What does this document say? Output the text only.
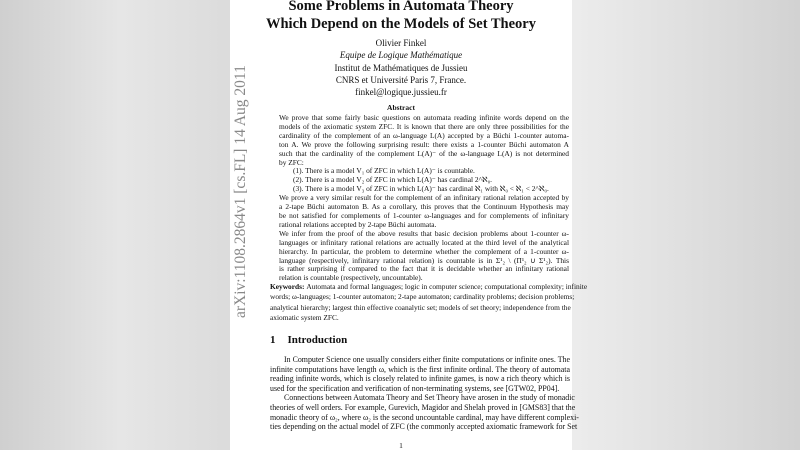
Some Problems in Automata Theory
Which Depend on the Models of Set Theory
Olivier Finkel
Equipe de Logique Mathématique
Institut de Mathématiques de Jussieu
CNRS et Université Paris 7, France.
finkel@logique.jussieu.fr
Abstract
We prove that some fairly basic questions on automata reading infinite words depend on the
models of the axiomatic system ZFC. It is known that there are only three possibilities for the
cardinality of the complement of an ω-language L(A) accepted by a Büchi 1-counter automa-
ton A. We prove the following surprising result: there exists a 1-counter Büchi automaton A
such that the cardinality of the complement L(A)⁻ of the ω-language L(A) is not determined
by ZFC:
(1). There is a model V₁ of ZFC in which L(A)⁻ is countable.
(2). There is a model V₂ of ZFC in which L(A)⁻ has cardinal 2^ℵ₀.
(3). There is a model V₃ of ZFC in which L(A)⁻ has cardinal ℵ₁ with ℵ₀ < ℵ₁ < 2^ℵ₀.
We prove a very similar result for the complement of an infinitary rational relation accepted by
a 2-tape Büchi automaton B. As a corollary, this proves that the Continuum Hypothesis may
be not satisfied for complements of 1-counter ω-languages and for complements of infinitary
rational relations accepted by 2-tape Büchi automata.
We infer from the proof of the above results that basic decision problems about 1-counter ω-
languages or infinitary rational relations are actually located at the third level of the analytical
hierarchy. In particular, the problem to determine whether the complement of a 1-counter ω-
language (respectively, infinitary rational relation) is countable is in Σ¹₂ \ (Π¹₂ ∪ Σ¹₂). This
is rather surprising if compared to the fact that it is decidable whether an infinitary rational
relation is countable (respectively, uncountable).
Keywords: Automata and formal languages; logic in computer science; computational complexity; infinite
words; ω-languages; 1-counter automaton; 2-tape automaton; cardinality problems; decision problems;
analytical hierarchy; largest thin effective coanalytic set; models of set theory; independence from the
axiomatic system ZFC.
1 Introduction
In Computer Science one usually considers either finite computations or infinite ones. The
infinite computations have length ω, which is the first infinite ordinal. The theory of automata
reading infinite words, which is closely related to infinite games, is now a rich theory which is
used for the specification and verification of non-terminating systems, see [GTW02, PP04].
Connections between Automata Theory and Set Theory have arosen in the study of monadic
theories of well orders. For example, Gurevich, Magidor and Shelah proved in [GMS83] that the
monadic theory of ω₂, where ω₂ is the second uncountable cardinal, may have different complexi-
ties depending on the actual model of ZFC (the commonly accepted axiomatic framework for Set
1
arXiv:1108.2864v1 [cs.FL] 14 Aug 2011
